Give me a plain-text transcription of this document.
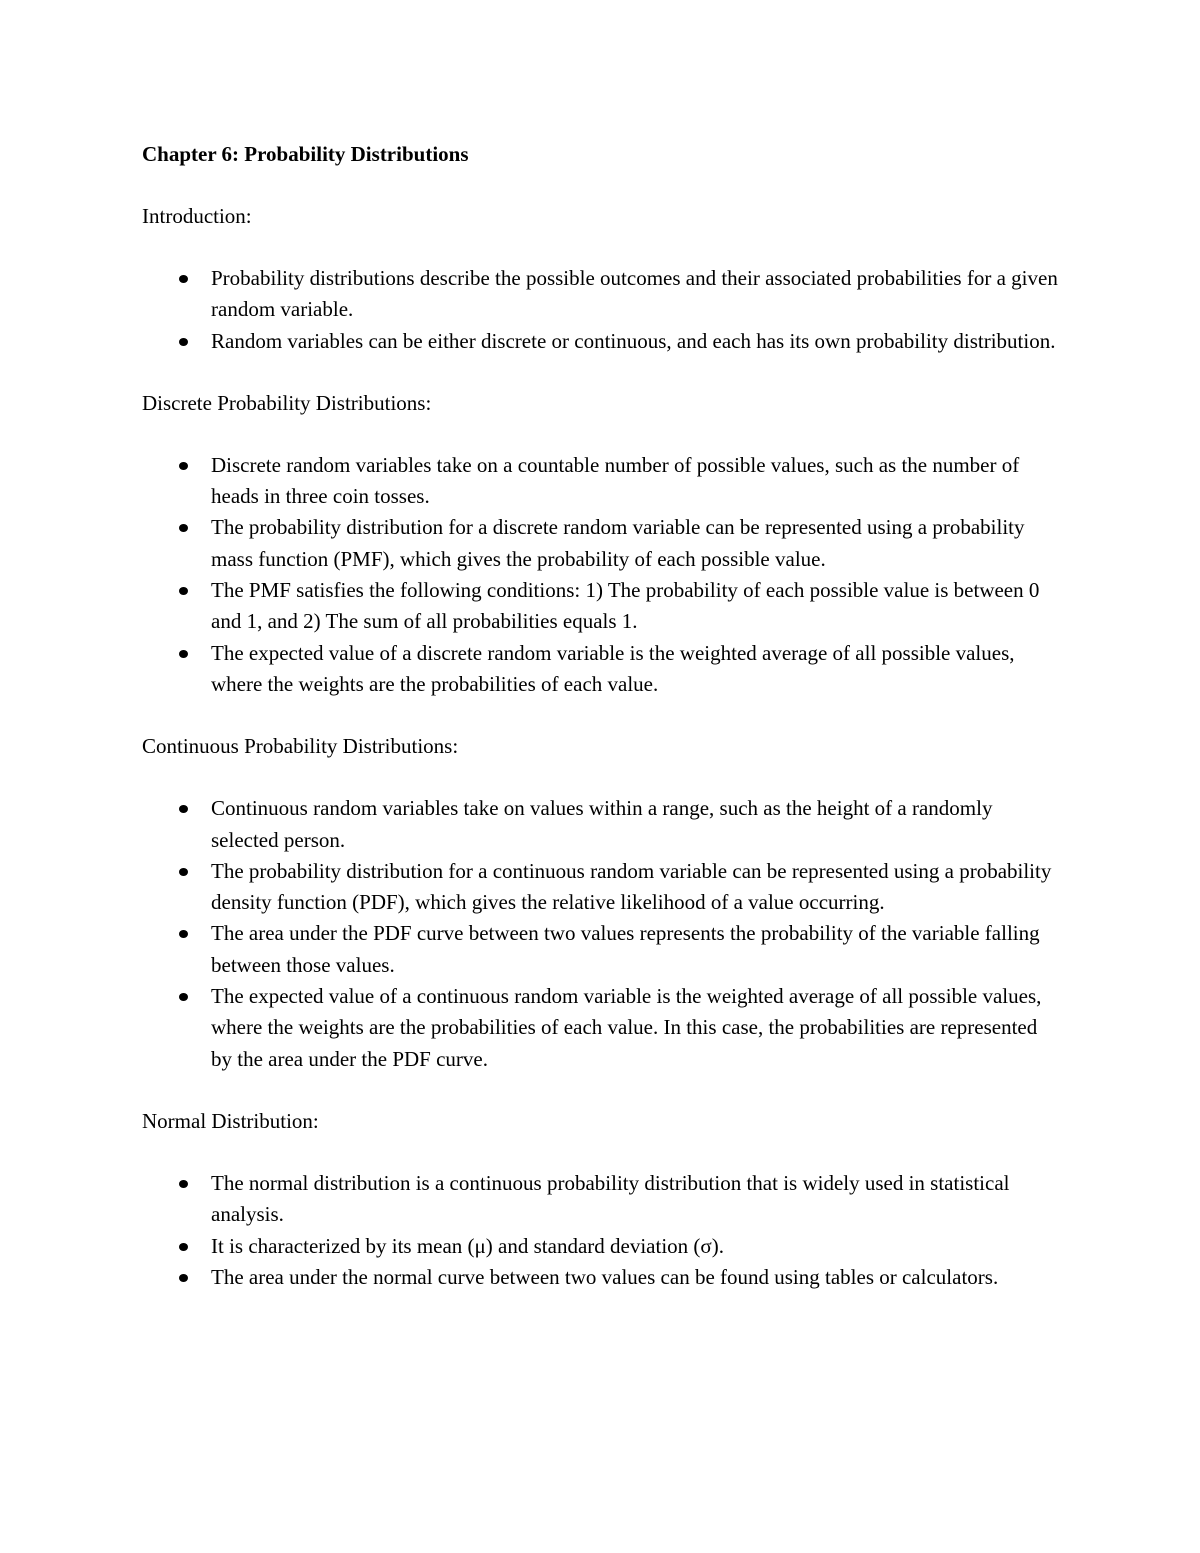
Chapter 6: Probability Distributions
Introduction:
Probability distributions describe the possible outcomes and their associated probabilities for a given random variable.
Random variables can be either discrete or continuous, and each has its own probability distribution.
Discrete Probability Distributions:
Discrete random variables take on a countable number of possible values, such as the number of heads in three coin tosses.
The probability distribution for a discrete random variable can be represented using a probability mass function (PMF), which gives the probability of each possible value.
The PMF satisfies the following conditions: 1) The probability of each possible value is between 0 and 1, and 2) The sum of all probabilities equals 1.
The expected value of a discrete random variable is the weighted average of all possible values, where the weights are the probabilities of each value.
Continuous Probability Distributions:
Continuous random variables take on values within a range, such as the height of a randomly selected person.
The probability distribution for a continuous random variable can be represented using a probability density function (PDF), which gives the relative likelihood of a value occurring.
The area under the PDF curve between two values represents the probability of the variable falling between those values.
The expected value of a continuous random variable is the weighted average of all possible values, where the weights are the probabilities of each value. In this case, the probabilities are represented by the area under the PDF curve.
Normal Distribution:
The normal distribution is a continuous probability distribution that is widely used in statistical analysis.
It is characterized by its mean (μ) and standard deviation (σ).
The area under the normal curve between two values can be found using tables or calculators.
